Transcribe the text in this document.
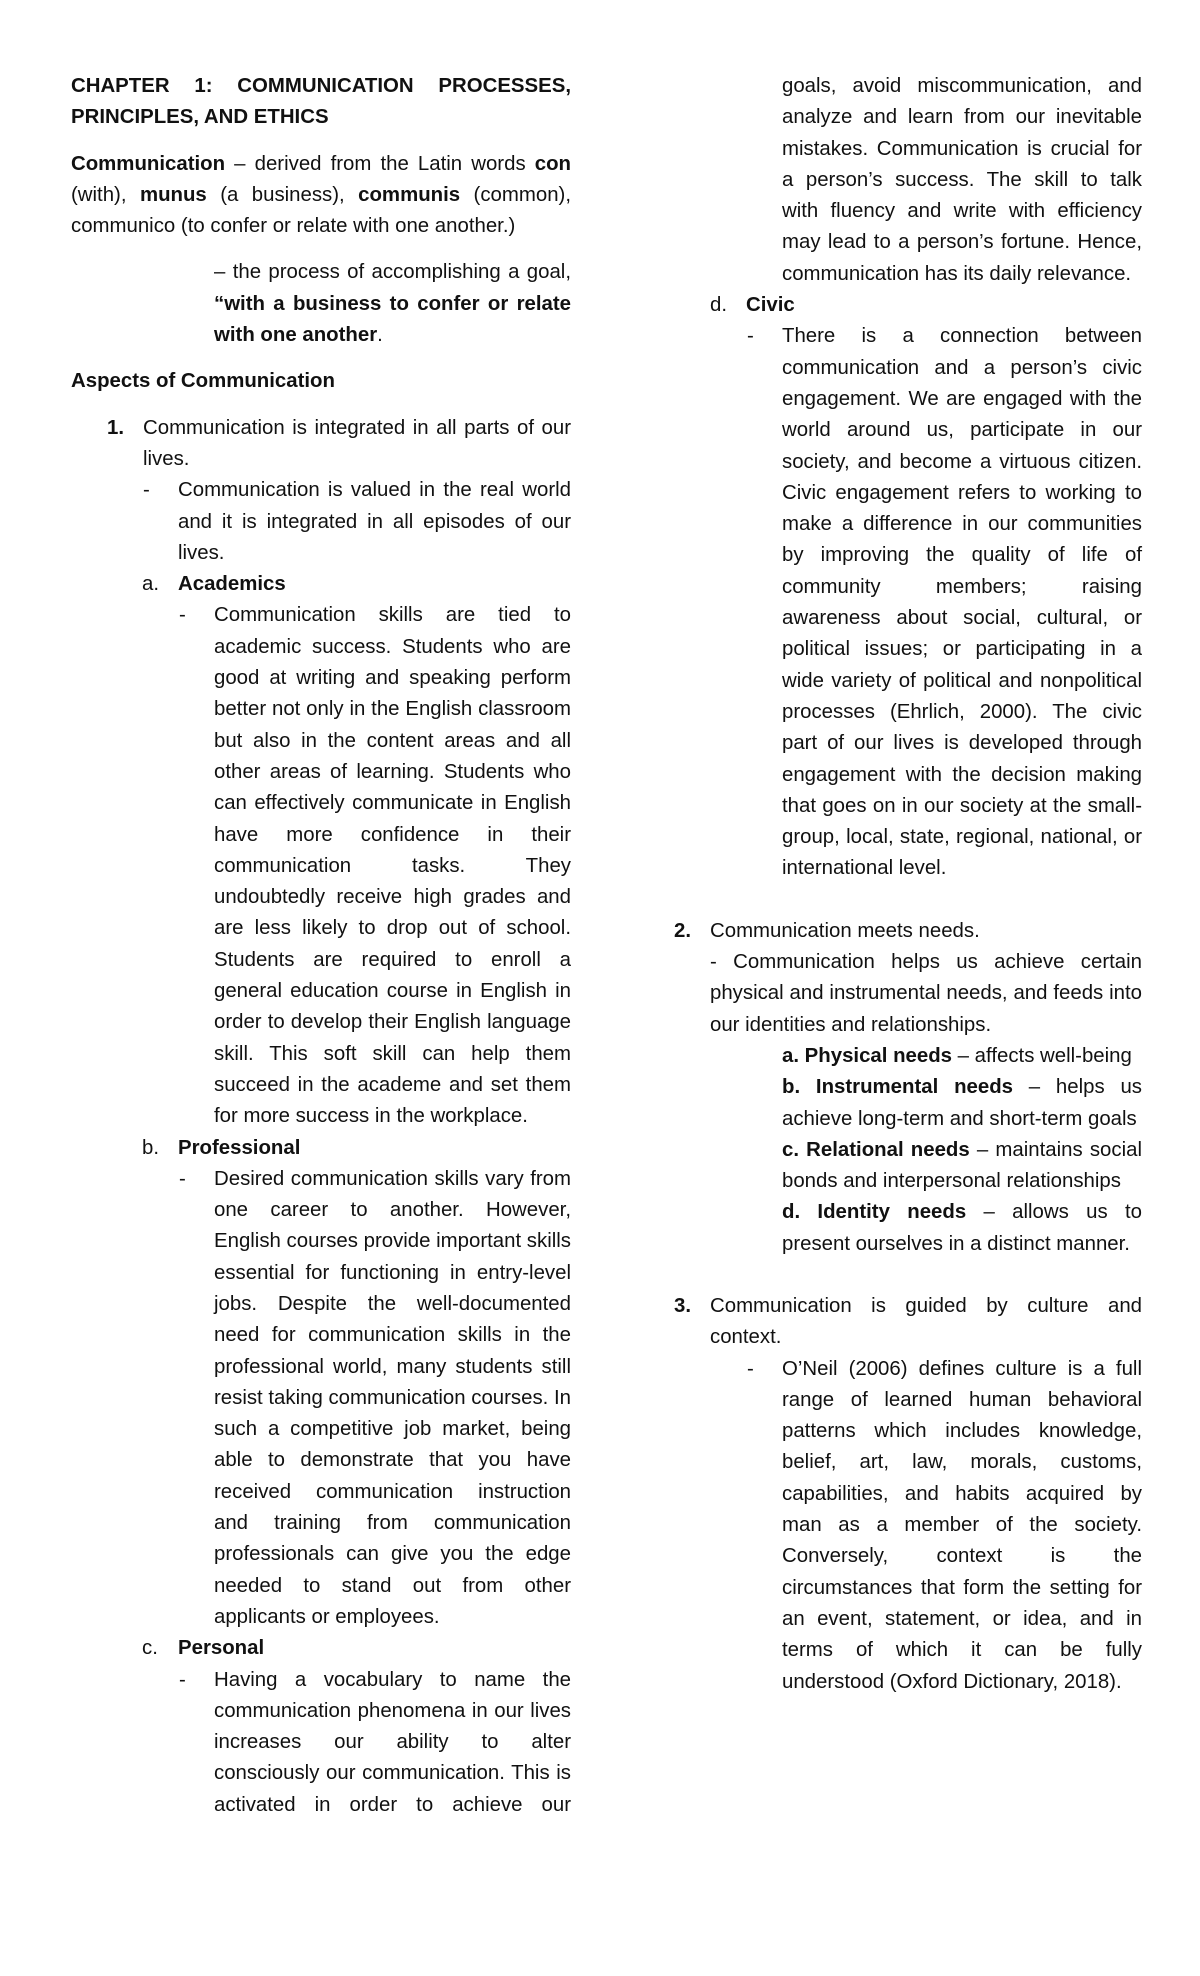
CHAPTER 1: COMMUNICATION PROCESSES, PRINCIPLES, AND ETHICS

Communication – derived from the Latin words con (with), munus (a business), communis (common), communico (to confer or relate with one another.)

– the process of accomplishing a goal, “with a business to confer or relate with one another.

Aspects of Communication

1. Communication is integrated in all parts of our lives.

- Communication is valued in the real world and it is integrated in all episodes of our lives.

a. Academics
- Communication skills are tied to academic success. Students who are good at writing and speaking perform better not only in the English classroom but also in the content areas and all other areas of learning. Students who can effectively communicate in English have more confidence in their communication tasks. They undoubtedly receive high grades and are less likely to drop out of school. Students are required to enroll a general education course in English in order to develop their English language skill. This soft skill can help them succeed in the academe and set them for more success in the workplace.

b. Professional
- Desired communication skills vary from one career to another. However, English courses provide important skills essential for functioning in entry-level jobs. Despite the well-documented need for communication skills in the professional world, many students still resist taking communication courses. In such a competitive job market, being able to demonstrate that you have received communication instruction and training from communication professionals can give you the edge needed to stand out from other applicants or employees.

c. Personal
- Having a vocabulary to name the communication phenomena in our lives increases our ability to alter consciously our communication. This is activated in order to achieve our

goals, avoid miscommunication, and analyze and learn from our inevitable mistakes. Communication is crucial for a person’s success. The skill to talk with fluency and write with efficiency may lead to a person’s fortune. Hence, communication has its daily relevance.

d. Civic
- There is a connection between communication and a person’s civic engagement. We are engaged with the world around us, participate in our society, and become a virtuous citizen. Civic engagement refers to working to make a difference in our communities by improving the quality of life of community members; raising awareness about social, cultural, or political issues; or participating in a wide variety of political and nonpolitical processes (Ehrlich, 2000). The civic part of our lives is developed through engagement with the decision making that goes on in our society at the small-group, local, state, regional, national, or international level.

2. Communication meets needs.

- Communication helps us achieve certain physical and instrumental needs, and feeds into our identities and relationships.

a. Physical needs – affects well-being

b. Instrumental needs – helps us achieve long-term and short-term goals

c. Relational needs – maintains social bonds and interpersonal relationships

d. Identity needs – allows us to present ourselves in a distinct manner.

3. Communication is guided by culture and context.

- O’Neil (2006) defines culture is a full range of learned human behavioral patterns which includes knowledge, belief, art, law, morals, customs, capabilities, and habits acquired by man as a member of the society. Conversely, context is the circumstances that form the setting for an event, statement, or idea, and in terms of which it can be fully understood (Oxford Dictionary, 2018).
